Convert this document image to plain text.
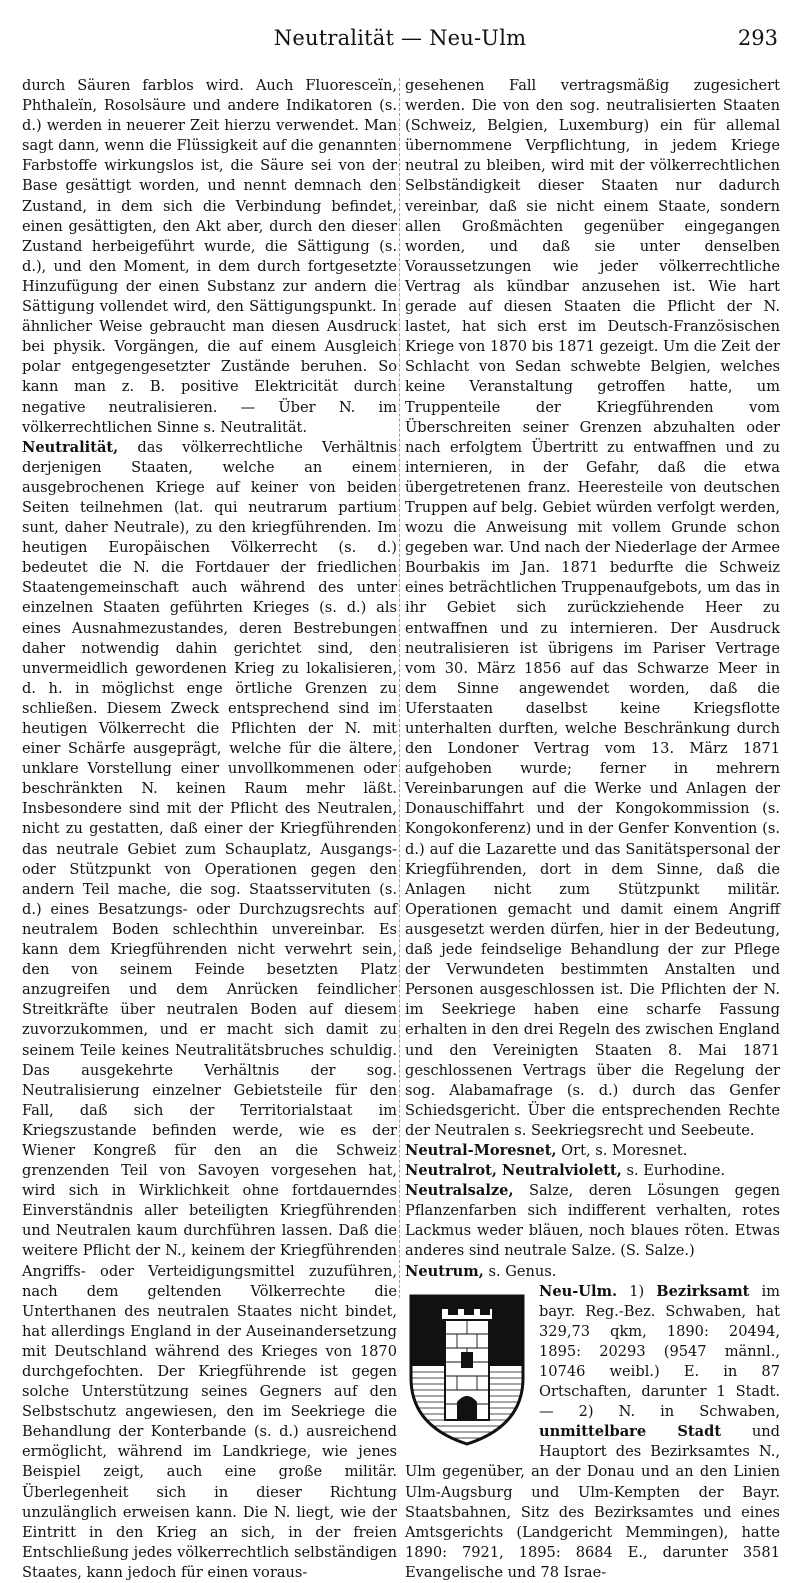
Neutralität — Neu-Ulm	293

durch Säuren farblos wird. Auch Fluoresceïn, Phthaleïn, Rosolsäure und andere Indikatoren (s. d.) werden in neuerer Zeit hierzu verwendet. Man sagt dann, wenn die Flüssigkeit auf die genannten Farbstoffe wirkungslos ist, die Säure sei von der Base gesättigt worden, und nennt demnach den Zustand, in dem sich die Verbindung befindet, einen gesättigten, den Akt aber, durch den dieser Zustand herbeigeführt wurde, die Sättigung (s. d.), und den Moment, in dem durch fortgesetzte Hinzufügung der einen Substanz zur andern die Sättigung vollendet wird, den Sättigungspunkt. In ähnlicher Weise gebraucht man diesen Ausdruck bei physik. Vorgängen, die auf einem Ausgleich polar entgegengesetzter Zustände beruhen. So kann man z. B. positive Elektricität durch negative neutralisieren. — Über N. im völkerrechtlichen Sinne s. Neutralität.

Neutralität, das völkerrechtliche Verhältnis derjenigen Staaten, welche an einem ausgebrochenen Kriege auf keiner von beiden Seiten teilnehmen (lat. qui neutrarum partium sunt, daher Neutrale), zu den kriegführenden. Im heutigen Europäischen Völkerrecht (s. d.) bedeutet die N. die Fortdauer der friedlichen Staatengemeinschaft auch während des unter einzelnen Staaten geführten Krieges (s. d.) als eines Ausnahmezustandes, deren Bestrebungen daher notwendig dahin gerichtet sind, den unvermeidlich gewordenen Krieg zu lokalisieren, d. h. in möglichst enge örtliche Grenzen zu schließen. Diesem Zweck entsprechend sind im heutigen Völkerrecht die Pflichten der N. mit einer Schärfe ausgeprägt, welche für die ältere, unklare Vorstellung einer unvollkommenen oder beschränkten N. keinen Raum mehr läßt. Insbesondere sind mit der Pflicht des Neutralen, nicht zu gestatten, daß einer der Kriegführenden das neutrale Gebiet zum Schauplatz, Ausgangs- oder Stützpunkt von Operationen gegen den andern Teil mache, die sog. Staatsservituten (s. d.) eines Besatzungs- oder Durchzugsrechts auf neutralem Boden schlechthin unvereinbar. Es kann dem Kriegführenden nicht verwehrt sein, den von seinem Feinde besetzten Platz anzugreifen und dem Anrücken feindlicher Streitkräfte über neutralen Boden auf diesem zuvorzukommen, und er macht sich damit zu seinem Teile keines Neutralitätsbruches schuldig. Das ausgekehrte Verhältnis der sog. Neutralisierung einzelner Gebietsteile für den Fall, daß sich der Territorialstaat im Kriegszustande befinden werde, wie es der Wiener Kongreß für den an die Schweiz grenzenden Teil von Savoyen vorgesehen hat, wird sich in Wirklichkeit ohne fortdauerndes Einverständnis aller beteiligten Kriegführenden und Neutralen kaum durchführen lassen. Daß die weitere Pflicht der N., keinem der Kriegführenden Angriffs- oder Verteidigungsmittel zuzuführen, nach dem geltenden Völkerrechte die Unterthanen des neutralen Staates nicht bindet, hat allerdings England in der Auseinandersetzung mit Deutschland während des Krieges von 1870 durchgefochten. Der Kriegführende ist gegen solche Unterstützung seines Gegners auf den Selbstschutz angewiesen, den im Seekriege die Behandlung der Konterbande (s. d.) ausreichend ermöglicht, während im Landkriege, wie jenes Beispiel zeigt, auch eine große militär. Überlegenheit sich in dieser Richtung unzulänglich erweisen kann. Die N. liegt, wie der Eintritt in den Krieg an sich, in der freien Entschließung jedes völkerrechtlich selbständigen Staates, kann jedoch für einen voraus-

gesehenen Fall vertragsmäßig zugesichert werden. Die von den sog. neutralisierten Staaten (Schweiz, Belgien, Luxemburg) ein für allemal übernommene Verpflichtung, in jedem Kriege neutral zu bleiben, wird mit der völkerrechtlichen Selbständigkeit dieser Staaten nur dadurch vereinbar, daß sie nicht einem Staate, sondern allen Großmächten gegenüber eingegangen worden, und daß sie unter denselben Voraussetzungen wie jeder völkerrechtliche Vertrag als kündbar anzusehen ist. Wie hart gerade auf diesen Staaten die Pflicht der N. lastet, hat sich erst im Deutsch-Französischen Kriege von 1870 bis 1871 gezeigt. Um die Zeit der Schlacht von Sedan schwebte Belgien, welches keine Veranstaltung getroffen hatte, um Truppenteile der Kriegführenden vom Überschreiten seiner Grenzen abzuhalten oder nach erfolgtem Übertritt zu entwaffnen und zu internieren, in der Gefahr, daß die etwa übergetretenen franz. Heeresteile von deutschen Truppen auf belg. Gebiet würden verfolgt werden, wozu die Anweisung mit vollem Grunde schon gegeben war. Und nach der Niederlage der Armee Bourbakis im Jan. 1871 bedurfte die Schweiz eines beträchtlichen Truppenaufgebots, um das in ihr Gebiet sich zurückziehende Heer zu entwaffnen und zu internieren. Der Ausdruck neutralisieren ist übrigens im Pariser Vertrage vom 30. März 1856 auf das Schwarze Meer in dem Sinne angewendet worden, daß die Uferstaaten daselbst keine Kriegsflotte unterhalten durften, welche Beschränkung durch den Londoner Vertrag vom 13. März 1871 aufgehoben wurde; ferner in mehrern Vereinbarungen auf die Werke und Anlagen der Donauschiffahrt und der Kongokommission (s. Kongokonferenz) und in der Genfer Konvention (s. d.) auf die Lazarette und das Sanitätspersonal der Kriegführenden, dort in dem Sinne, daß die Anlagen nicht zum Stützpunkt militär. Operationen gemacht und damit einem Angriff ausgesetzt werden dürfen, hier in der Bedeutung, daß jede feindselige Behandlung der zur Pflege der Verwundeten bestimmten Anstalten und Personen ausgeschlossen ist. Die Pflichten der N. im Seekriege haben eine scharfe Fassung erhalten in den drei Regeln des zwischen England und den Vereinigten Staaten 8. Mai 1871 geschlossenen Vertrags über die Regelung der sog. Alabamafrage (s. d.) durch das Genfer Schiedsgericht. Über die entsprechenden Rechte der Neutralen s. Seekriegsrecht und Seebeute.

Neutral-Moresnet, Ort, s. Moresnet.

Neutralrot, Neutralviolett, s. Eurhodine.

Neutralsalze, Salze, deren Lösungen gegen Pflanzenfarben sich indifferent verhalten, rotes Lackmus weder bläuen, noch blaues röten. Etwas anderes sind neutrale Salze. (S. Salze.)

Neutrum, s. Genus.

Neu-Ulm. 1) Bezirksamt
im bayr. Reg.-Bez. Schwaben, hat 329,73 qkm, 1890: 20494, 1895: 20293 (9547 männl., 10746 weibl.) E. in 87 Ortschaften, darunter 1 Stadt. — 2) N. in Schwaben, unmittelbare Stadt und Hauptort des Bezirksamtes N., Ulm gegenüber, an der Donau und an den Linien Ulm-Augsburg und Ulm-Kempten der Bayr. Staatsbahnen, Sitz des Bezirksamtes und eines Amtsgerichts (Landgericht Memmingen), hatte 1890: 7921, 1895: 8684 E., darunter 3581 Evangelische und 78 Israe-
